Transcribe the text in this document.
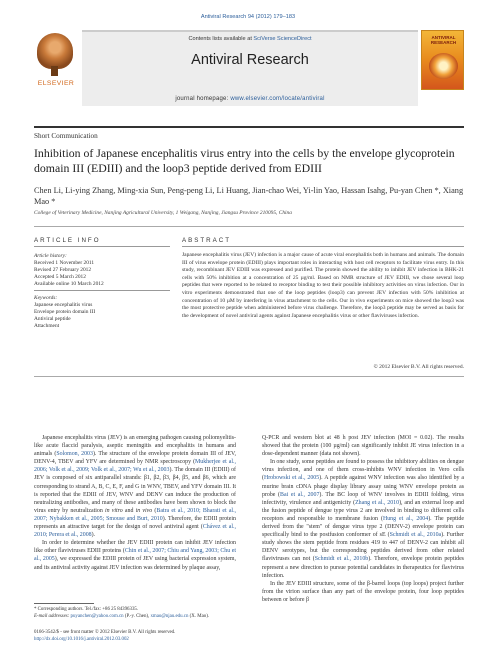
Antiviral Research 94 (2012) 179–183
ELSEVIER
Contents lists available at SciVerse ScienceDirect
Antiviral Research
journal homepage: www.elsevier.com/locate/antiviral
ANTIVIRAL RESEARCH
Short Communication
Inhibition of Japanese encephalitis virus entry into the cells by the envelope glycoprotein domain III (EDIII) and the loop3 peptide derived from EDIII
Chen Li, Li-ying Zhang, Ming-xia Sun, Peng-peng Li, Li Huang, Jian-chao Wei, Yi-lin Yao, Hassan Isahg, Pu-yan Chen *, Xiang Mao *
College of Veterinary Medicine, Nanjing Agricultural University, 1 Weigang, Nanjing, Jiangsu Province 210095, China
ARTICLE INFO	ABSTRACT
Article history:
Received 1 November 2011
Revised 27 February 2012
Accepted 5 March 2012
Available online 10 March 2012
Keywords:
Japanese encephalitis virus
Envelope protein domain III
Antiviral peptide
Attachment
Japanese encephalitis virus (JEV) infection is a major cause of acute viral encephalitis both in humans and animals. The domain III of virus envelope protein (EDIII) plays important roles in interacting with host cell receptors to facilitate virus entry. In this study, recombinant JEV EDIII was expressed and purified. The protein showed the ability to inhibit JEV infection in BHK-21 cells with 50% inhibition at a concentration of 25 µg/ml. Based on NMR structure of JEV EDIII, we chose several loop peptides that were reported to be related to receptor binding to test their possible inhibitory activities on virus infection. Our in vitro experiments demonstrated that one of the loop peptides (loop3) can prevent JEV infection with 50% inhibition at concentration of 10 µM by interfering in virus attachment to the cells. Our in vivo experiments on mice showed the loop3 was the most protective peptide when administered before virus challenge. Therefore, the loop3 peptide may be served as basis for the development of novel antiviral agents against Japanese encephalitis virus or other flaviviruses infection.
© 2012 Elsevier B.V. All rights reserved.

Japanese encephalitis virus (JEV) is an emerging pathogen causing poliomyelitis-like acute flaccid paralysis, aseptic meningitis and encephalitis in humans and animals (Solomon, 2003). The structure of the envelope protein domain III of JEV, DENV-4, TBEV and YFV are determined by NMR spectroscopy (Mukherjee et al., 2006; Volk et al., 2009; Volk et al., 2007; Wu et al., 2003). The domain III (EDIII) of JEV is composed of six antiparallel strands: β1, β2, β3, β4, β5, and β6, which are corresponding to strand A, B, C, E, F, and G in WNV, TBEV, and YFV domain III. It is reported that the EDIII of JEV, WNV and DENV can induce the production of neutralizing antibodies, and many of these antibodies have been shown to block the virus entry by neutralization in vitro and in vivo (Batra et al., 2010; Bharati et al., 2007; Nybakken et al., 2005; Smouse and Burt, 2010). Therefore, the EDIII protein represents an attractive target for the design of novel antiviral agent (Chávez et al., 2010; Perera et al., 2008).

In order to determine whether the JEV EDIII protein can inhibit JEV infection like other flaviviruses EDIII proteins (Chin et al., 2007; Chiu and Yang, 2003; Chu et al., 2005), we expressed the EDIII protein of JEV using bacterial expression system, and its antiviral activity against JEV infection was determined by plaque assay,

Q-PCR and western blot at 48 h post JEV infection (MOI = 0.02). The results showed that the protein (100 µg/ml) can significantly inhibit JE virus infection in a dose-dependent manner (data not shown).

In one study, some peptides are found to possess the inhibitory abilities on dengue virus infection, and one of them cross-inhibits WNV infection in Vero cells (Hrobowski et al., 2005). A peptide against WNV infection was also identified by a murine brain cDNA phage display library assay using WNV envelope protein as probe (Bai et al., 2007). The BC loop of WNV involves in EDIII folding, virus infectivity, virulence and antigenicity (Zhang et al., 2010), and an external loop and the fusion peptide of dengue type virus 2 are involved in binding to different cells receptors and responsible to membrane fusion (Hung et al., 2004). The peptide derived from the "stem" of dengue virus type 2 (DENV-2) envelope protein can specifically bind to the postfusion conformer of sE (Schmidt et al., 2010a). Further study shows the stem peptide from residues 419 to 447 of DENV-2 can inhibit all DENV serotypes, but the corresponding peptides derived from other related flaviviruses can not (Schmidt et al., 2010b). Therefore, envelope protein peptides represent a new direction to pursue potential candidates in therapeutics for flavivirus infection.

In the JEV EDIII structure, some of the β-barrel loops (top loops) project further from the virion surface than any part of the envelope protein, four loop peptides between or before β

* Corresponding authors. Tel./fax: +86 25 84396335.
E-mail addresses: puyanchen@yahoo.com.cn (P.-y. Chen), xmao@njau.edu.cn (X. Mao).
0166-3542/$ - see front matter © 2012 Elsevier B.V. All rights reserved.
http://dx.doi.org/10.1016/j.antiviral.2012.03.002
